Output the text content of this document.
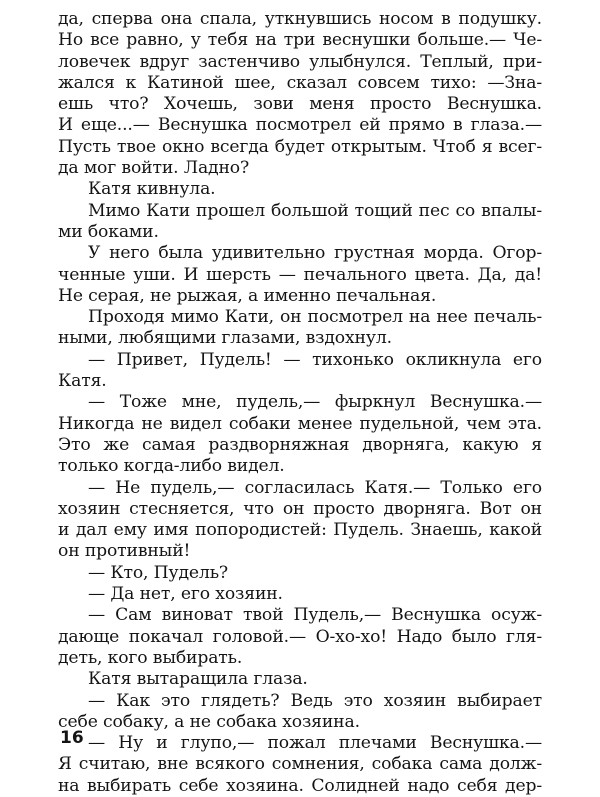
да, сперва она спала, уткнувшись носом в подушку.
Но все равно, у тебя на три веснушки больше.— Че-
ловечек вдруг застенчиво улыбнулся. Теплый, при-
жался к Катиной шее, сказал совсем тихо: —Зна-
ешь что? Хочешь, зови меня просто Веснушка.
И еще...— Веснушка посмотрел ей прямо в глаза.—
Пусть твое окно всегда будет открытым. Чтоб я всег-
да мог войти. Ладно?
Катя кивнула.
Мимо Кати прошел большой тощий пес со впалы-
ми боками.
У него была удивительно грустная морда. Огор-
ченные уши. И шерсть — печального цвета. Да, да!
Не серая, не рыжая, а именно печальная.
Проходя мимо Кати, он посмотрел на нее печаль-
ными, любящими глазами, вздохнул.
— Привет, Пудель! — тихонько окликнула его
Катя.
— Тоже мне, пудель,— фыркнул Веснушка.—
Никогда не видел собаки менее пудельной, чем эта.
Это же самая раздворняжная дворняга, какую я
только когда-либо видел.
— Не пудель,— согласилась Катя.— Только его
хозяин стесняется, что он просто дворняга. Вот он
и дал ему имя попородистей: Пудель. Знаешь, какой
он противный!
— Кто, Пудель?
— Да нет, его хозяин.
— Сам виноват твой Пудель,— Веснушка осуж-
дающе покачал головой.— О-хо-хо! Надо было гля-
деть, кого выбирать.
Катя вытаращила глаза.
— Как это глядеть? Ведь это хозяин выбирает
себе собаку, а не собака хозяина.
— Ну и глупо,— пожал плечами Веснушка.—
Я считаю, вне всякого сомнения, собака сама долж-
на выбирать себе хозяина. Солидней надо себя дер-
16
